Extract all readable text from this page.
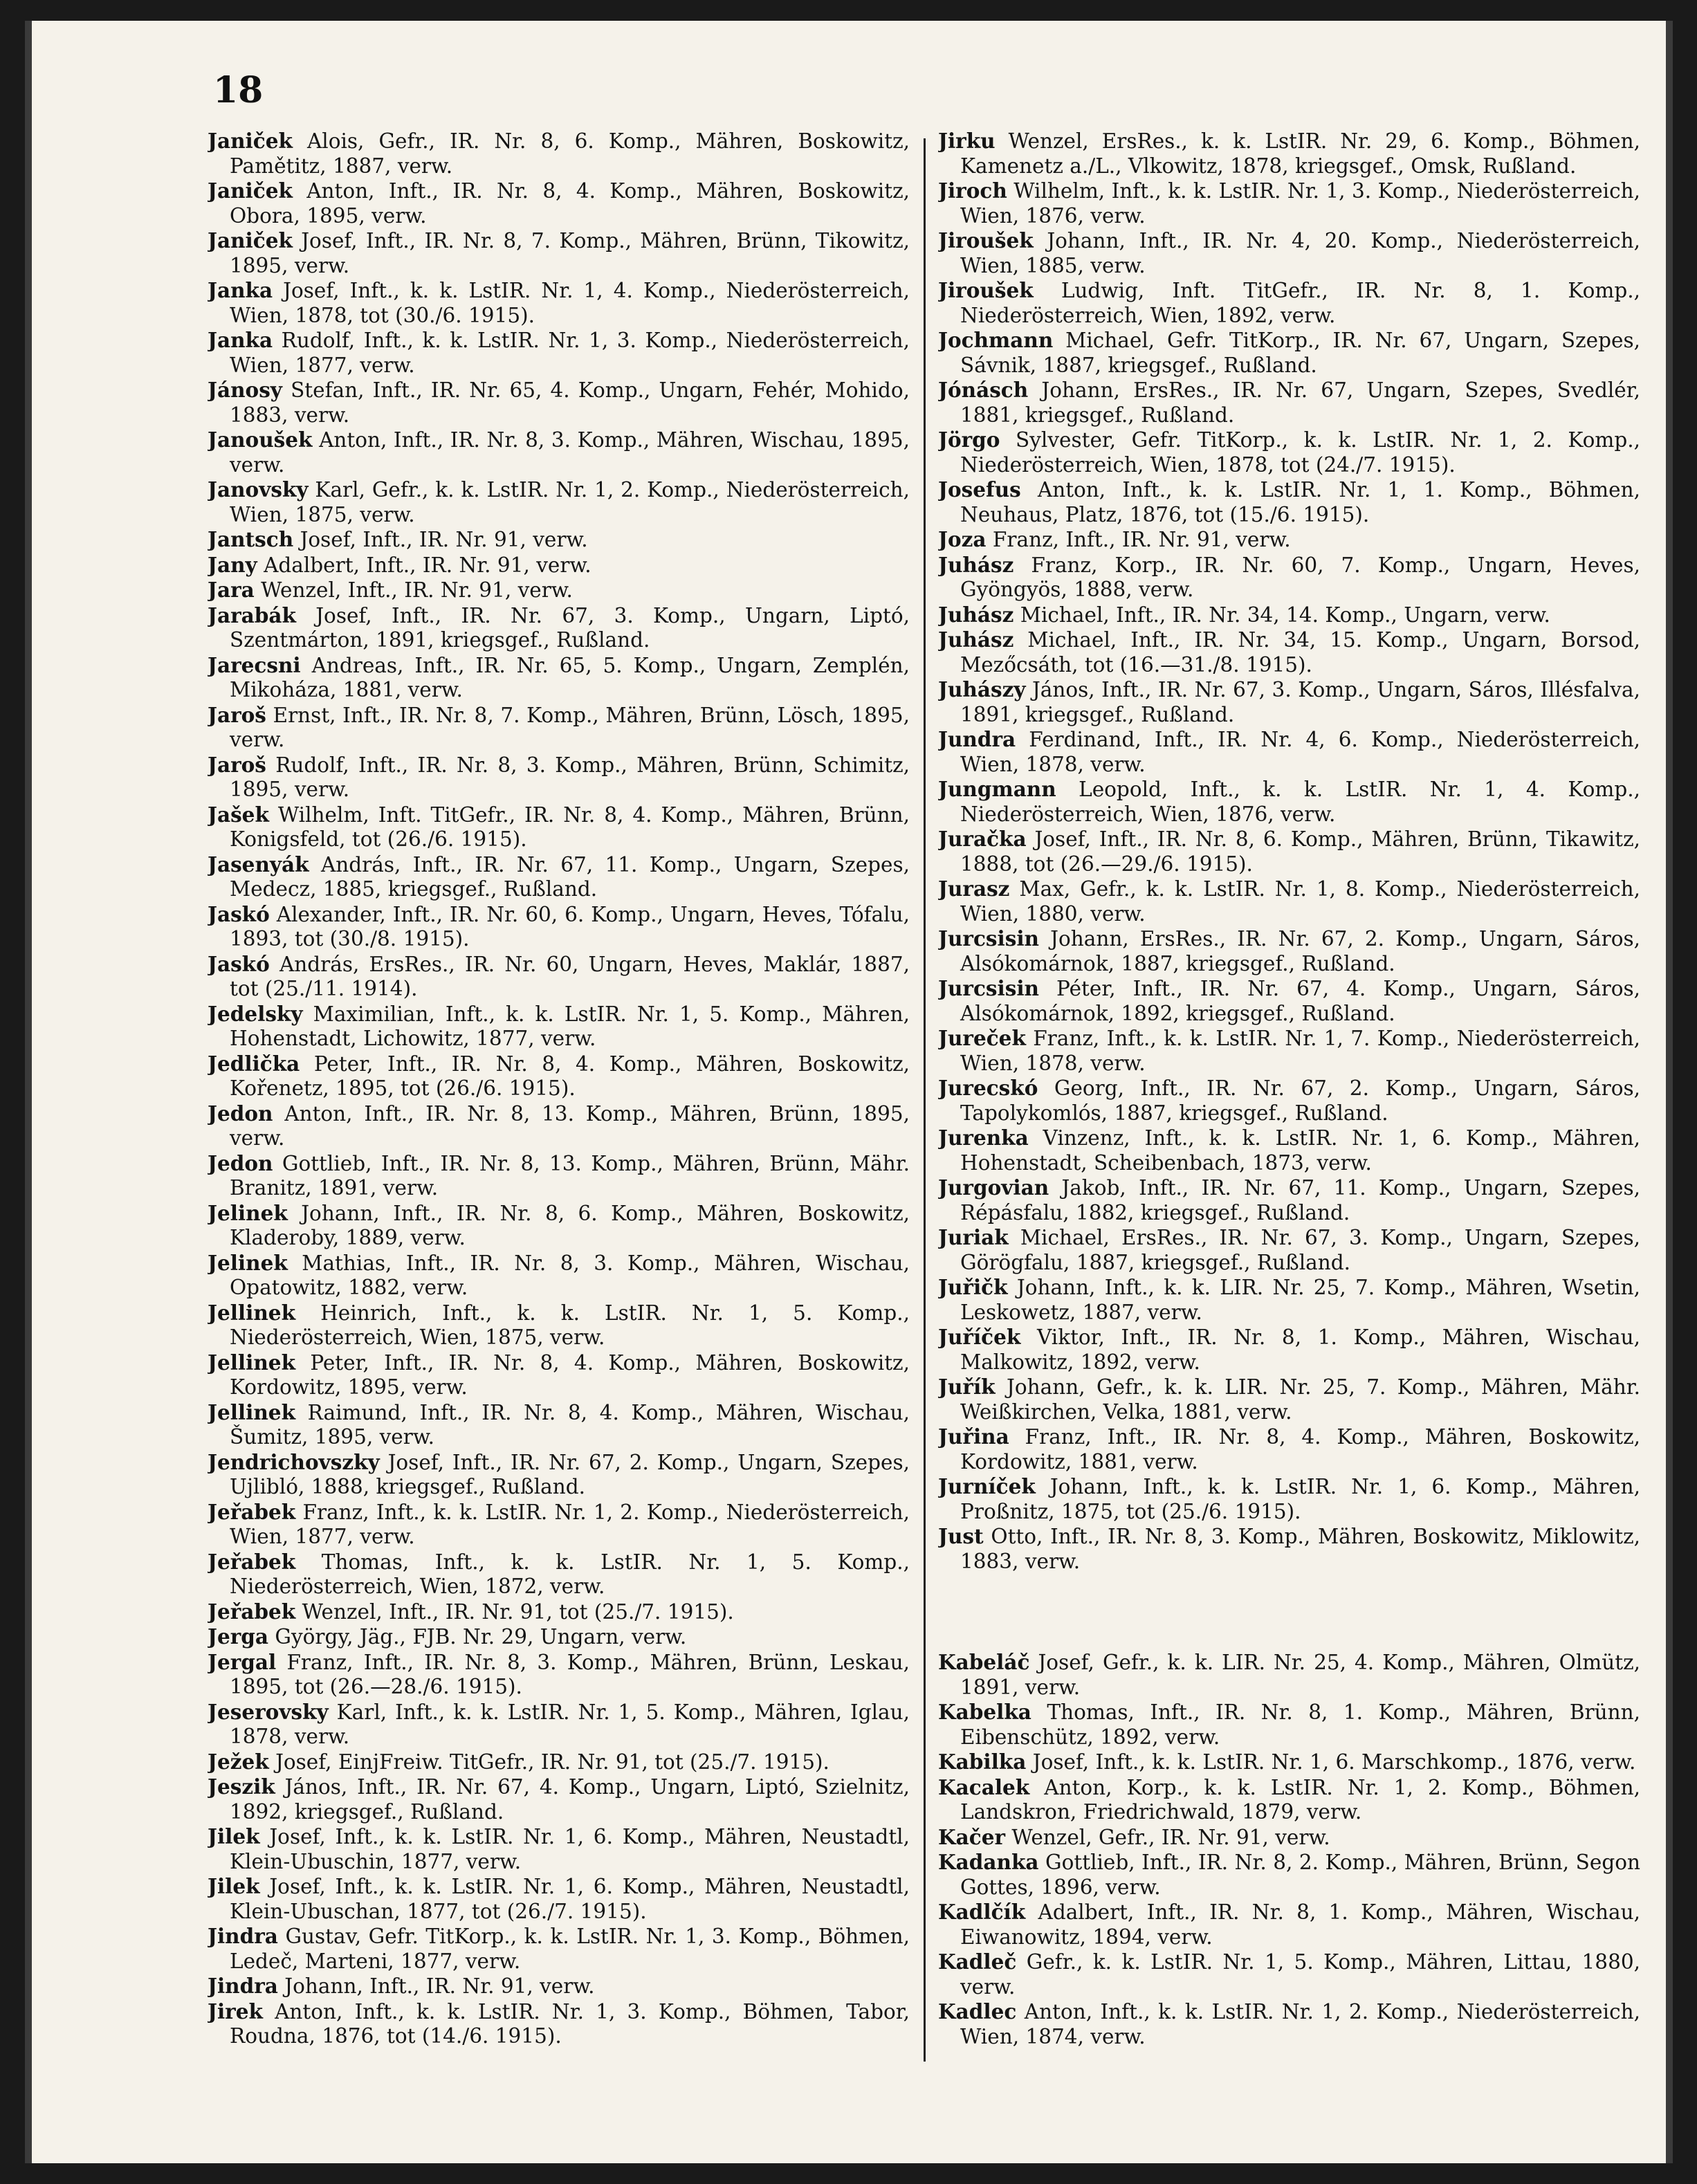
18

Janiček Alois, Gefr., IR. Nr. 8, 6. Komp., Mähren, Boskowitz, Pamětitz, 1887, verw.

Janiček Anton, Inft., IR. Nr. 8, 4. Komp., Mähren, Boskowitz, Obora, 1895, verw.

Janiček Josef, Inft., IR. Nr. 8, 7. Komp., Mähren, Brünn, Tikowitz, 1895, verw.

Janka Josef, Inft., k. k. LstIR. Nr. 1, 4. Komp., Niederösterreich, Wien, 1878, tot (30./6. 1915).

Janka Rudolf, Inft., k. k. LstIR. Nr. 1, 3. Komp., Niederösterreich, Wien, 1877, verw.

Jánosy Stefan, Inft., IR. Nr. 65, 4. Komp., Ungarn, Fehér, Mohido, 1883, verw.

Janoušek Anton, Inft., IR. Nr. 8, 3. Komp., Mähren, Wischau, 1895, verw.

Janovsky Karl, Gefr., k. k. LstIR. Nr. 1, 2. Komp., Niederösterreich, Wien, 1875, verw.

Jantsch Josef, Inft., IR. Nr. 91, verw.

Jany Adalbert, Inft., IR. Nr. 91, verw.

Jara Wenzel, Inft., IR. Nr. 91, verw.

Jarabák Josef, Inft., IR. Nr. 67, 3. Komp., Ungarn, Liptó, Szentmárton, 1891, kriegsgef., Rußland.

Jarecsni Andreas, Inft., IR. Nr. 65, 5. Komp., Ungarn, Zemplén, Mikoháza, 1881, verw.

Jaroš Ernst, Inft., IR. Nr. 8, 7. Komp., Mähren, Brünn, Lösch, 1895, verw.

Jaroš Rudolf, Inft., IR. Nr. 8, 3. Komp., Mähren, Brünn, Schimitz, 1895, verw.

Jašek Wilhelm, Inft. TitGefr., IR. Nr. 8, 4. Komp., Mähren, Brünn, Konigsfeld, tot (26./6. 1915).

Jasenyák András, Inft., IR. Nr. 67, 11. Komp., Ungarn, Szepes, Medecz, 1885, kriegsgef., Rußland.

Jaskó Alexander, Inft., IR. Nr. 60, 6. Komp., Ungarn, Heves, Tófalu, 1893, tot (30./8. 1915).

Jaskó András, ErsRes., IR. Nr. 60, Ungarn, Heves, Maklár, 1887, tot (25./11. 1914).

Jedelsky Maximilian, Inft., k. k. LstIR. Nr. 1, 5. Komp., Mähren, Hohenstadt, Lichowitz, 1877, verw.

Jedlička Peter, Inft., IR. Nr. 8, 4. Komp., Mähren, Boskowitz, Kořenetz, 1895, tot (26./6. 1915).

Jedon Anton, Inft., IR. Nr. 8, 13. Komp., Mähren, Brünn, 1895, verw.

Jedon Gottlieb, Inft., IR. Nr. 8, 13. Komp., Mähren, Brünn, Mähr. Branitz, 1891, verw.

Jelinek Johann, Inft., IR. Nr. 8, 6. Komp., Mähren, Boskowitz, Kladeroby, 1889, verw.

Jelinek Mathias, Inft., IR. Nr. 8, 3. Komp., Mähren, Wischau, Opatowitz, 1882, verw.

Jellinek Heinrich, Inft., k. k. LstIR. Nr. 1, 5. Komp., Niederösterreich, Wien, 1875, verw.

Jellinek Peter, Inft., IR. Nr. 8, 4. Komp., Mähren, Boskowitz, Kordowitz, 1895, verw.

Jellinek Raimund, Inft., IR. Nr. 8, 4. Komp., Mähren, Wischau, Šumitz, 1895, verw.

Jendrichovszky Josef, Inft., IR. Nr. 67, 2. Komp., Ungarn, Szepes, Ujlibló, 1888, kriegsgef., Rußland.

Jeřabek Franz, Inft., k. k. LstIR. Nr. 1, 2. Komp., Niederösterreich, Wien, 1877, verw.

Jeřabek Thomas, Inft., k. k. LstIR. Nr. 1, 5. Komp., Niederösterreich, Wien, 1872, verw.

Jeřabek Wenzel, Inft., IR. Nr. 91, tot (25./7. 1915).

Jerga György, Jäg., FJB. Nr. 29, Ungarn, verw.

Jergal Franz, Inft., IR. Nr. 8, 3. Komp., Mähren, Brünn, Leskau, 1895, tot (26.—28./6. 1915).

Jeserovsky Karl, Inft., k. k. LstIR. Nr. 1, 5. Komp., Mähren, Iglau, 1878, verw.

Ježek Josef, EinjFreiw. TitGefr., IR. Nr. 91, tot (25./7. 1915).

Jeszik János, Inft., IR. Nr. 67, 4. Komp., Ungarn, Liptó, Szielnitz, 1892, kriegsgef., Rußland.

Jilek Josef, Inft., k. k. LstIR. Nr. 1, 6. Komp., Mähren, Neustadtl, Klein-Ubuschin, 1877, verw.

Jilek Josef, Inft., k. k. LstIR. Nr. 1, 6. Komp., Mähren, Neustadtl, Klein-Ubuschan, 1877, tot (26./7. 1915).

Jindra Gustav, Gefr. TitKorp., k. k. LstIR. Nr. 1, 3. Komp., Böhmen, Ledeč, Marteni, 1877, verw.

Jindra Johann, Inft., IR. Nr. 91, verw.

Jirek Anton, Inft., k. k. LstIR. Nr. 1, 3. Komp., Böhmen, Tabor, Roudna, 1876, tot (14./6. 1915).

Jirku Wenzel, ErsRes., k. k. LstIR. Nr. 29, 6. Komp., Böhmen, Kamenetz a./L., Vlkowitz, 1878, kriegsgef., Omsk, Rußland.

Jiroch Wilhelm, Inft., k. k. LstIR. Nr. 1, 3. Komp., Niederösterreich, Wien, 1876, verw.

Jiroušek Johann, Inft., IR. Nr. 4, 20. Komp., Niederösterreich, Wien, 1885, verw.

Jiroušek Ludwig, Inft. TitGefr., IR. Nr. 8, 1. Komp., Niederösterreich, Wien, 1892, verw.

Jochmann Michael, Gefr. TitKorp., IR. Nr. 67, Ungarn, Szepes, Sávnik, 1887, kriegsgef., Rußland.

Jónásch Johann, ErsRes., IR. Nr. 67, Ungarn, Szepes, Svedlér, 1881, kriegsgef., Rußland.

Jörgo Sylvester, Gefr. TitKorp., k. k. LstIR. Nr. 1, 2. Komp., Niederösterreich, Wien, 1878, tot (24./7. 1915).

Josefus Anton, Inft., k. k. LstIR. Nr. 1, 1. Komp., Böhmen, Neuhaus, Platz, 1876, tot (15./6. 1915).

Joza Franz, Inft., IR. Nr. 91, verw.

Juhász Franz, Korp., IR. Nr. 60, 7. Komp., Ungarn, Heves, Gyöngyös, 1888, verw.

Juhász Michael, Inft., IR. Nr. 34, 14. Komp., Ungarn, verw.

Juhász Michael, Inft., IR. Nr. 34, 15. Komp., Ungarn, Borsod, Mezőcsáth, tot (16.—31./8. 1915).

Juhászy János, Inft., IR. Nr. 67, 3. Komp., Ungarn, Sáros, Illésfalva, 1891, kriegsgef., Rußland.

Jundra Ferdinand, Inft., IR. Nr. 4, 6. Komp., Niederösterreich, Wien, 1878, verw.

Jungmann Leopold, Inft., k. k. LstIR. Nr. 1, 4. Komp., Niederösterreich, Wien, 1876, verw.

Juračka Josef, Inft., IR. Nr. 8, 6. Komp., Mähren, Brünn, Tikawitz, 1888, tot (26.—29./6. 1915).

Jurasz Max, Gefr., k. k. LstIR. Nr. 1, 8. Komp., Niederösterreich, Wien, 1880, verw.

Jurcsisin Johann, ErsRes., IR. Nr. 67, 2. Komp., Ungarn, Sáros, Alsókomárnok, 1887, kriegsgef., Rußland.

Jurcsisin Péter, Inft., IR. Nr. 67, 4. Komp., Ungarn, Sáros, Alsókomárnok, 1892, kriegsgef., Rußland.

Jureček Franz, Inft., k. k. LstIR. Nr. 1, 7. Komp., Niederösterreich, Wien, 1878, verw.

Jurecskó Georg, Inft., IR. Nr. 67, 2. Komp., Ungarn, Sáros, Tapolykomlós, 1887, kriegsgef., Rußland.

Jurenka Vinzenz, Inft., k. k. LstIR. Nr. 1, 6. Komp., Mähren, Hohenstadt, Scheibenbach, 1873, verw.

Jurgovian Jakob, Inft., IR. Nr. 67, 11. Komp., Ungarn, Szepes, Répásfalu, 1882, kriegsgef., Rußland.

Juriak Michael, ErsRes., IR. Nr. 67, 3. Komp., Ungarn, Szepes, Görögfalu, 1887, kriegsgef., Rußland.

Juřičk Johann, Inft., k. k. LIR. Nr. 25, 7. Komp., Mähren, Wsetin, Leskowetz, 1887, verw.

Juříček Viktor, Inft., IR. Nr. 8, 1. Komp., Mähren, Wischau, Malkowitz, 1892, verw.

Juřík Johann, Gefr., k. k. LIR. Nr. 25, 7. Komp., Mähren, Mähr. Weißkirchen, Velka, 1881, verw.

Juřina Franz, Inft., IR. Nr. 8, 4. Komp., Mähren, Boskowitz, Kordowitz, 1881, verw.

Jurníček Johann, Inft., k. k. LstIR. Nr. 1, 6. Komp., Mähren, Proßnitz, 1875, tot (25./6. 1915).

Just Otto, Inft., IR. Nr. 8, 3. Komp., Mähren, Boskowitz, Miklowitz, 1883, verw.

Kabeláč Josef, Gefr., k. k. LIR. Nr. 25, 4. Komp., Mähren, Olmütz, 1891, verw.

Kabelka Thomas, Inft., IR. Nr. 8, 1. Komp., Mähren, Brünn, Eibenschütz, 1892, verw.

Kabilka Josef, Inft., k. k. LstIR. Nr. 1, 6. Marschkomp., 1876, verw.

Kacalek Anton, Korp., k. k. LstIR. Nr. 1, 2. Komp., Böhmen, Landskron, Friedrichwald, 1879, verw.

Kačer Wenzel, Gefr., IR. Nr. 91, verw.

Kadanka Gottlieb, Inft., IR. Nr. 8, 2. Komp., Mähren, Brünn, Segon Gottes, 1896, verw.

Kadlčík Adalbert, Inft., IR. Nr. 8, 1. Komp., Mähren, Wischau, Eiwanowitz, 1894, verw.

Kadleč Gefr., k. k. LstIR. Nr. 1, 5. Komp., Mähren, Littau, 1880, verw.

Kadlec Anton, Inft., k. k. LstIR. Nr. 1, 2. Komp., Niederösterreich, Wien, 1874, verw.
